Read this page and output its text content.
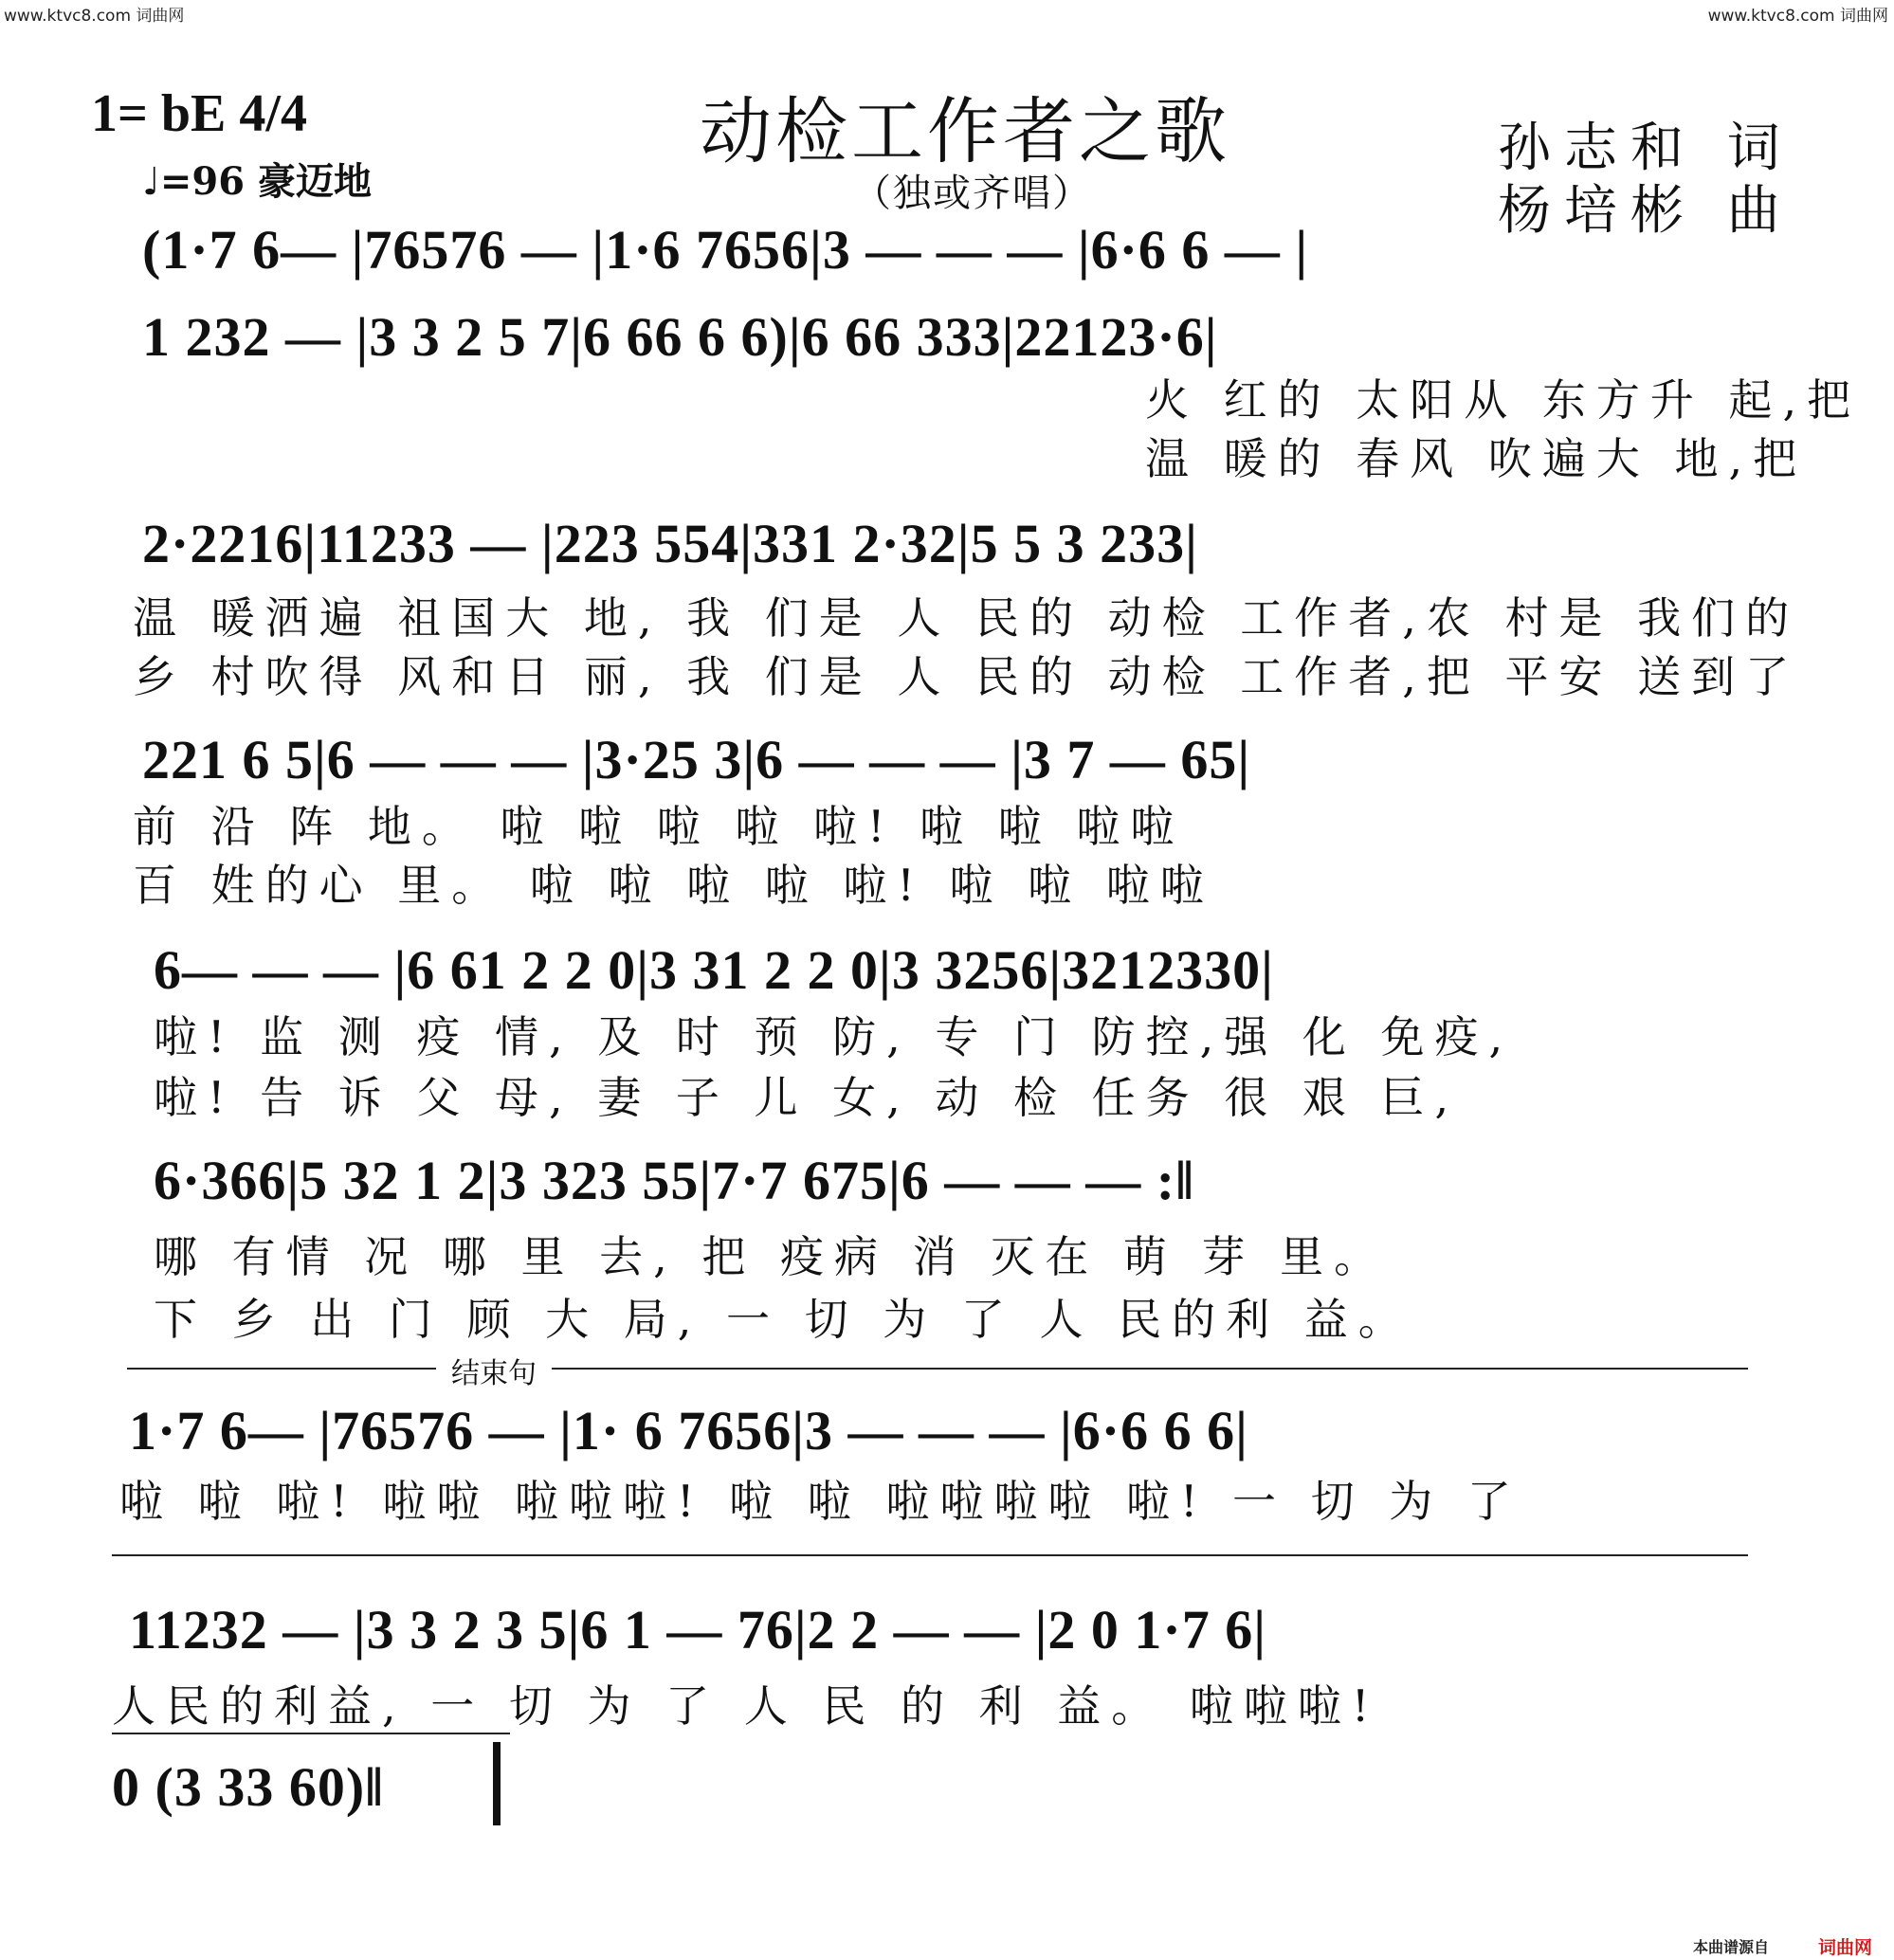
www.ktvc8.com 词曲网	www.ktvc8.com 词曲网
1= bE 4/4
♩=96 豪迈地
动检工作者之歌
（独或齐唱）
孙志和 词
杨培彬 曲
(1·7 6— |76576 — |1·6 7656|3 — — — |6·6 6 — |
1 232 — |3 3 2 5 7|6 66 6 6)|6 66 333|22123·6|
火 红的 太阳从 东方升 起,把
温 暖的 春风 吹遍大 地,把
2·2216|11233 — |223 554|331 2·32|5 5 3 233|
温 暖洒遍 祖国大 地, 我 们是 人 民的 动检 工作者,农 村是 我们的
乡 村吹得 风和日 丽, 我 们是 人 民的 动检 工作者,把 平安 送到了
221 6 5|6 — — — |3·25 3|6 — — — |3 7 — 65|
前 沿 阵 地。 啦 啦 啦 啦 啦! 啦 啦 啦啦
百 姓的心 里。 啦 啦 啦 啦 啦! 啦 啦 啦啦
6— — — |6 61 2 2 0|3 31 2 2 0|3 3256|3212330|
啦! 监 测 疫 情, 及 时 预 防, 专 门 防控,强 化 免疫,
啦! 告 诉 父 母, 妻 子 儿 女, 动 检 任务 很 艰 巨,
6·366|5 32 1 2|3 323 55|7·7 675|6 — — — :‖
哪 有情 况 哪 里 去, 把 疫病 消 灭在 萌 芽 里。
下 乡 出 门 顾 大 局, 一 切 为 了 人 民的利 益。
结束句
1·7 6— |76576 — |1· 6 7656|3 — — — |6·6 6 6|
啦 啦 啦! 啦啦 啦啦啦! 啦 啦 啦啦啦啦 啦! 一 切 为 了
11232 — |3 3 2 3 5|6 1 — 76|2 2 — — |2 0 1·7 6|
人民的利益, 一 切 为 了 人 民 的 利 益。 啦啦啦!
0 (3 33 60)‖
本曲谱源自	词曲网
